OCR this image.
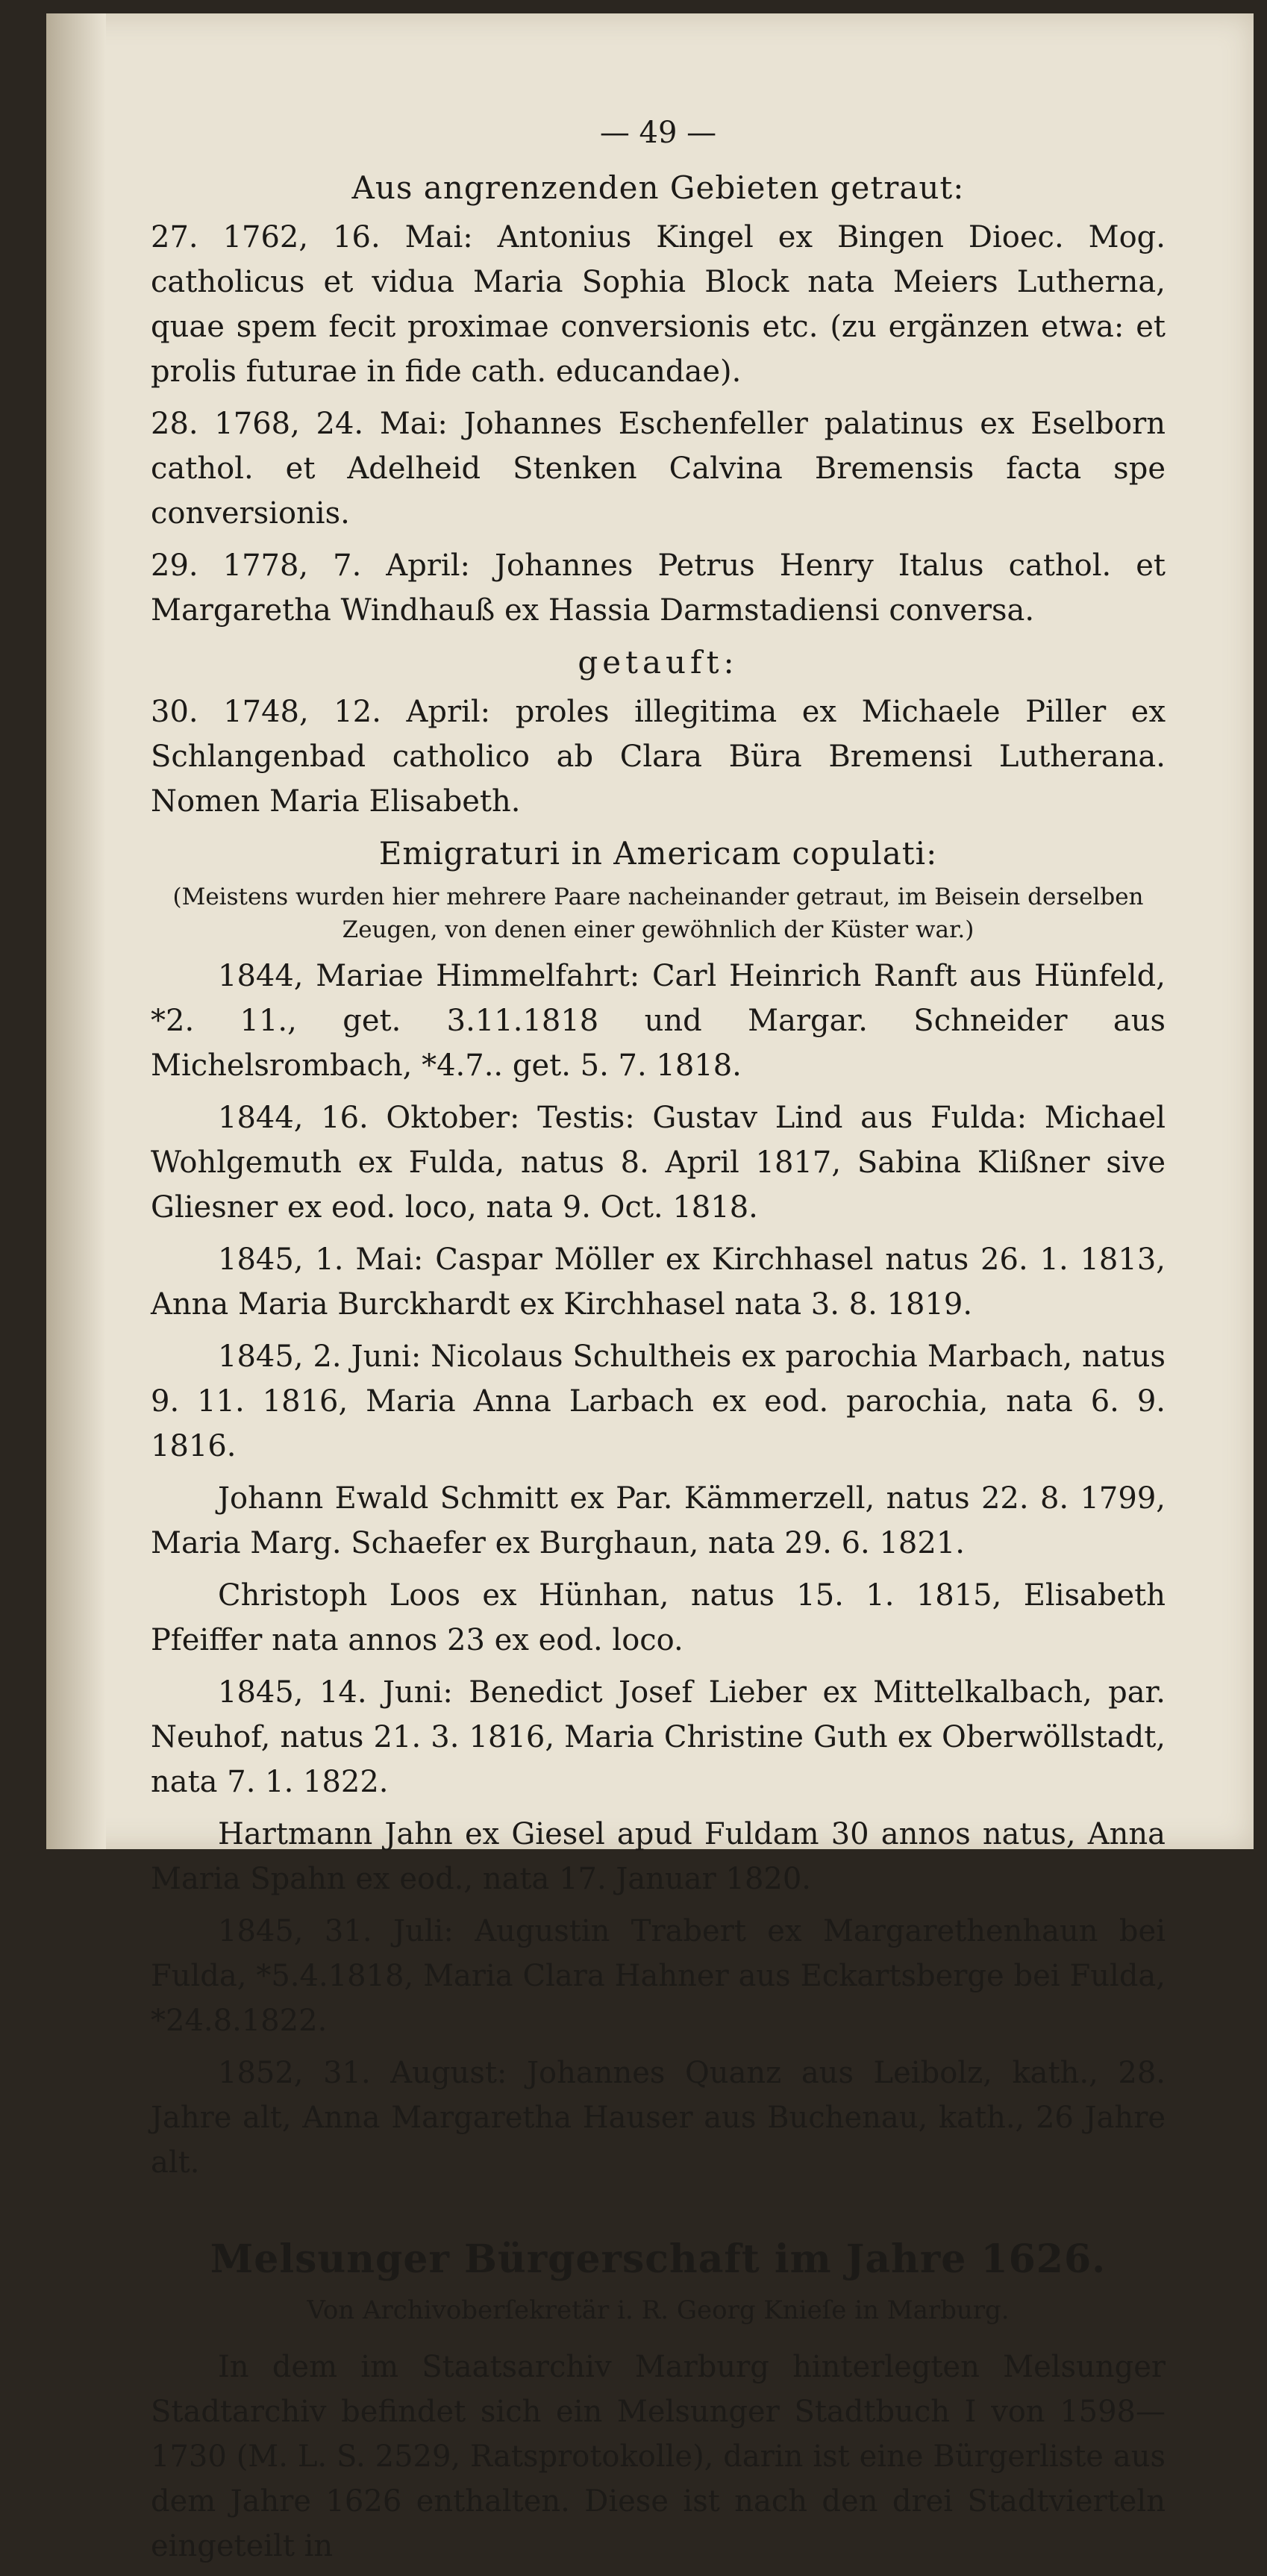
— 49 —
Aus angrenzenden Gebieten getraut:

27. 1762, 16. Mai: Antonius Kingel ex Bingen Dioec. Mog. catholicus et vidua Maria Sophia Block nata Meiers Lutherna, quae spem fecit proximae conversionis etc. (zu ergänzen etwa: et prolis futurae in fide cath. educandae).

28. 1768, 24. Mai: Johannes Eschenfeller palatinus ex Eselborn cathol. et Adelheid Stenken Calvina Bremensis facta spe conversionis.

29. 1778, 7. April: Johannes Petrus Henry Italus cathol. et Margaretha Windhauß ex Hassia Darmstadiensi conversa.

getauft:

30. 1748, 12. April: proles illegitima ex Michaele Piller ex Schlangenbad catholico ab Clara Büra Bremensi Lutherana. Nomen Maria Elisabeth.

Emigraturi in Americam copulati:

(Meistens wurden hier mehrere Paare nacheinander getraut, im Beisein derselben Zeugen, von denen einer gewöhnlich der Küster war.)

1844, Mariae Himmelfahrt: Carl Heinrich Ranft aus Hünfeld, *2. 11., get. 3.11.1818 und Margar. Schneider aus Michelsrombach, *4.7.. get. 5. 7. 1818.

1844, 16. Oktober: Testis: Gustav Lind aus Fulda: Michael Wohlgemuth ex Fulda, natus 8. April 1817, Sabina Klißner sive Gliesner ex eod. loco, nata 9. Oct. 1818.

1845, 1. Mai: Caspar Möller ex Kirchhasel natus 26. 1. 1813, Anna Maria Burckhardt ex Kirchhasel nata 3. 8. 1819.

1845, 2. Juni: Nicolaus Schultheis ex parochia Marbach, natus 9. 11. 1816, Maria Anna Larbach ex eod. parochia, nata 6. 9. 1816.

Johann Ewald Schmitt ex Par. Kämmerzell, natus 22. 8. 1799, Maria Marg. Schaefer ex Burghaun, nata 29. 6. 1821.

Christoph Loos ex Hünhan, natus 15. 1. 1815, Elisabeth Pfeiffer nata annos 23 ex eod. loco.

1845, 14. Juni: Benedict Josef Lieber ex Mittelkalbach, par. Neuhof, natus 21. 3. 1816, Maria Christine Guth ex Oberwöllstadt, nata 7. 1. 1822.

Hartmann Jahn ex Giesel apud Fuldam 30 annos natus, Anna Maria Spahn ex eod., nata 17. Januar 1820.

1845, 31. Juli: Augustin Trabert ex Margarethenhaun bei Fulda, *5.4.1818, Maria Clara Hahner aus Eckartsberge bei Fulda, *24.8.1822.

1852, 31. August: Johannes Quanz aus Leibolz, kath., 28. Jahre alt, Anna Margaretha Hauser aus Buchenau, kath., 26 Jahre alt.

Melsunger Bürgerschaft im Jahre 1626.
Von Archivoberſekretär i. R. Georg Knieſe in Marburg.

In dem im Staatsarchiv Marburg hinterlegten Melsunger Stadtarchiv befindet sich ein Melsunger Stadtbuch I von 1598—1730 (M. L. S. 2529, Ratsprotokolle), darin ist eine Bürgerliste aus dem Jahre 1626 enthalten. Diese ist nach den drei Stadtvierteln eingeteilt in
